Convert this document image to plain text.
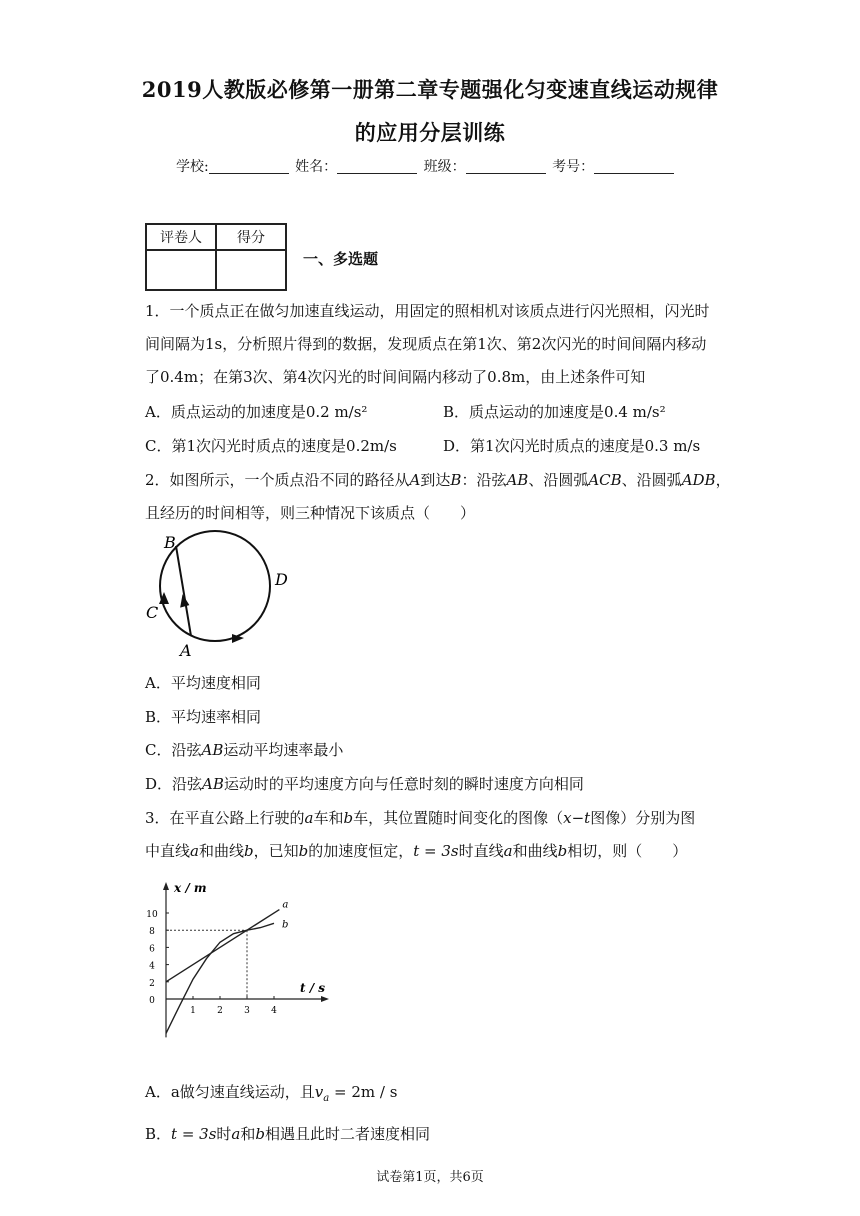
2019人教版必修第一册第二章专题强化匀变速直线运动规律
的应用分层训练
学校:	姓名：	班级：	考号：
评卷人	得分

一、多选题
1．一个质点正在做匀加速直线运动，用固定的照相机对该质点进行闪光照相，闪光时
间间隔为1s，分析照片得到的数据，发现质点在第1次、第2次闪光的时间间隔内移动
了0.4m；在第3次、第4次闪光的时间间隔内移动了0.8m，由上述条件可知
A．质点运动的加速度是0.2 m/s²	B．质点运动的加速度是0.4 m/s²
C．第1次闪光时质点的速度是0.2m/s	D．第1次闪光时质点的速度是0.3 m/s
2．如图所示，一个质点沿不同的路径从A到达B：沿弦AB、沿圆弧ACB、沿圆弧ADB，
且经历的时间相等，则三种情况下该质点（　　）
B
C
D
A
A．平均速度相同
B．平均速率相同
C．沿弦AB运动平均速率最小
D．沿弦AB运动时的平均速度方向与任意时刻的瞬时速度方向相同
3．在平直公路上行驶的a车和b车，其位置随时间变化的图像（x−t图像）分别为图
中直线a和曲线b，已知b的加速度恒定，t = 3s时直线a和曲线b相切，则（　　）
x / m
t / s
10
8
6
4
2
0
1 2 3 4
a
b
A．a做匀速直线运动，且$v_a = 2m / s$
B．t = 3s时a和b相遇且此时二者速度相同
试卷第1页，共6页
